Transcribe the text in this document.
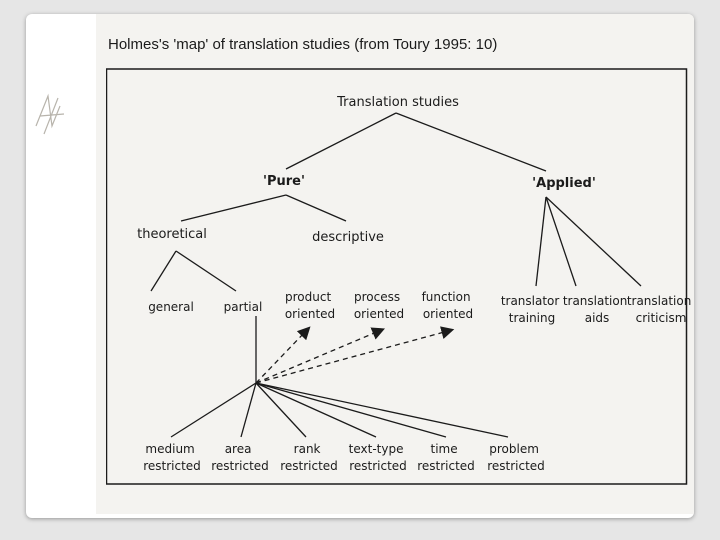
Holmes's 'map' of translation studies (from Toury 1995: 10)
Translation studies
'Pure'	'Applied'
theoretical	descriptive
general partial
product oriented
process oriented
function oriented
translator training
translation aids
translation criticism
medium restricted
area restricted
rank restricted
text-type restricted
time restricted
problem restricted
